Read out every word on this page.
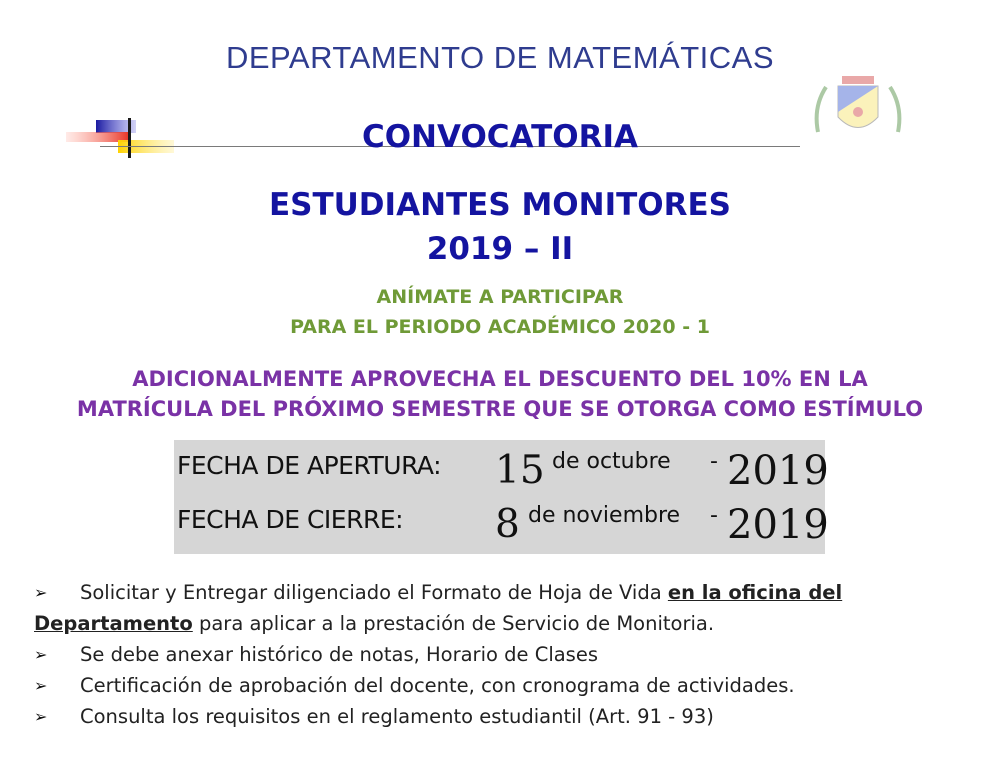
DEPARTAMENTO DE MATEMÁTICAS
CONVOCATORIA
ESTUDIANTES MONITORES
2019 – II
ANÍMATE A PARTICIPAR
PARA EL PERIODO ACADÉMICO 2020 - 1
ADICIONALMENTE APROVECHA EL DESCUENTO DEL 10% EN LA
MATRÍCULA DEL PRÓXIMO SEMESTRE QUE SE OTORGA COMO ESTÍMULO
FECHA DE APERTURA: 15 de octubre - 2019
FECHA DE CIERRE: 8 de noviembre - 2019
➢ Solicitar y Entregar diligenciado el Formato de Hoja de Vida en la oficina del
Departamento para aplicar a la prestación de Servicio de Monitoria.
➢ Se debe anexar histórico de notas, Horario de Clases
➢ Certificación de aprobación del docente, con cronograma de actividades.
➢ Consulta los requisitos en el reglamento estudiantil (Art. 91 - 93)
